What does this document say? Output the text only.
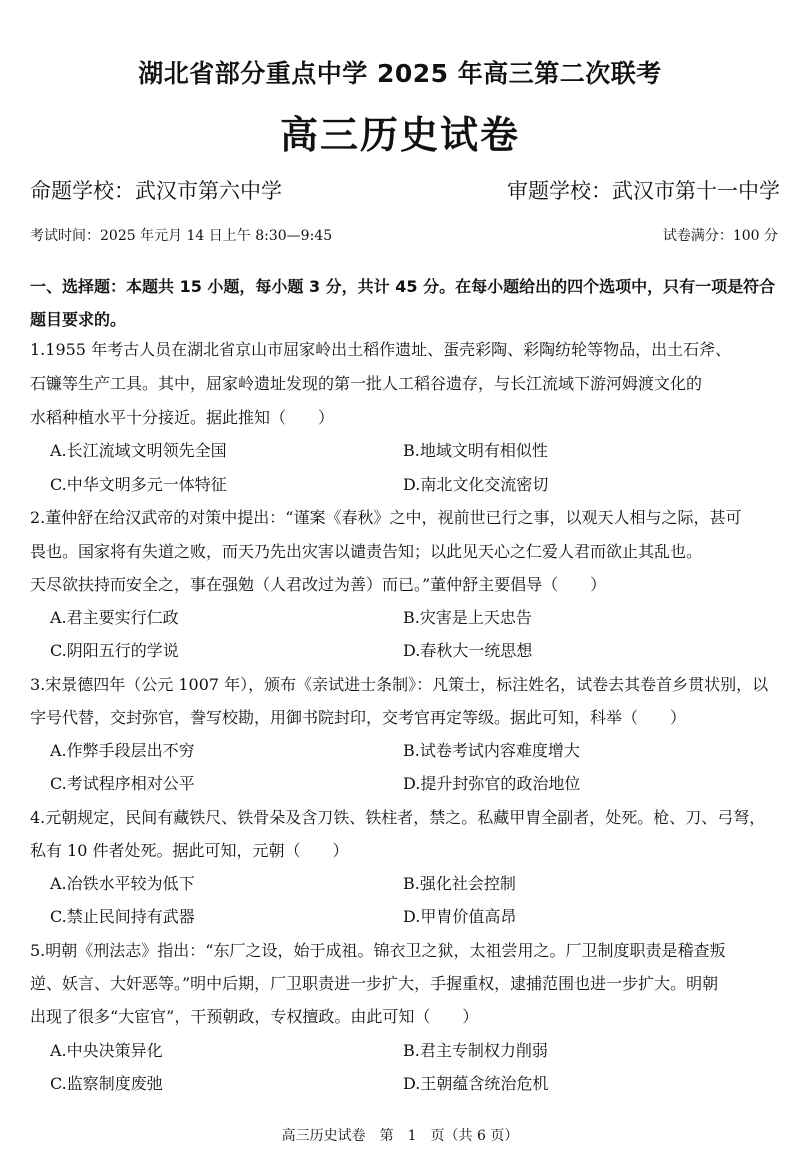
湖北省部分重点中学 2025 年高三第二次联考
高三历史试卷
命题学校：武汉市第六中学	审题学校：武汉市第十一中学
考试时间：2025 年元月 14 日上午 8:30—9:45	试卷满分：100 分
一、选择题：本题共 15 小题，每小题 3 分，共计 45 分。在每小题给出的四个选项中，只有一项是符合题目要求的。
1.1955 年考古人员在湖北省京山市屈家岭出土稻作遗址、蛋壳彩陶、彩陶纺轮等物品，出土石斧、
石镰等生产工具。其中，屈家岭遗址发现的第一批人工稻谷遗存，与长江流域下游河姆渡文化的
水稻种植水平十分接近。据此推知（　　）
A.长江流域文明领先全国	B.地域文明有相似性
C.中华文明多元一体特征	D.南北文化交流密切
2.董仲舒在给汉武帝的对策中提出：“谨案《春秋》之中，视前世已行之事，以观天人相与之际，甚可
畏也。国家将有失道之败，而天乃先出灾害以谴责告知；以此见天心之仁爱人君而欲止其乱也。
天尽欲扶持而安全之，事在强勉（人君改过为善）而已。”董仲舒主要倡导（　　）
A.君主要实行仁政	B.灾害是上天忠告
C.阴阳五行的学说	D.春秋大一统思想
3.宋景德四年（公元 1007 年），颁布《亲试进士条制》：凡策士，标注姓名，试卷去其卷首乡贯状别，以
字号代替，交封弥官，誊写校勘，用御书院封印，交考官再定等级。据此可知，科举（　　）
A.作弊手段层出不穷	B.试卷考试内容难度增大
C.考试程序相对公平	D.提升封弥官的政治地位
4.元朝规定，民间有藏铁尺、铁骨朵及含刀铁、铁柱者，禁之。私藏甲胄全副者，处死。枪、刀、弓弩，
私有 10 件者处死。据此可知，元朝（　　）
A.冶铁水平较为低下	B.强化社会控制
C.禁止民间持有武器	D.甲胄价值高昂
5.明朝《刑法志》指出：“东厂之设，始于成祖。锦衣卫之狱，太祖尝用之。厂卫制度职责是稽查叛
逆、妖言、大奸恶等。”明中后期，厂卫职责进一步扩大，手握重权，逮捕范围也进一步扩大。明朝
出现了很多“大宦官”，干预朝政，专权擅政。由此可知（　　）
A.中央决策异化	B.君主专制权力削弱
C.监察制度废弛	D.王朝蕴含统治危机
高三历史试卷　第　1　页（共 6 页）
